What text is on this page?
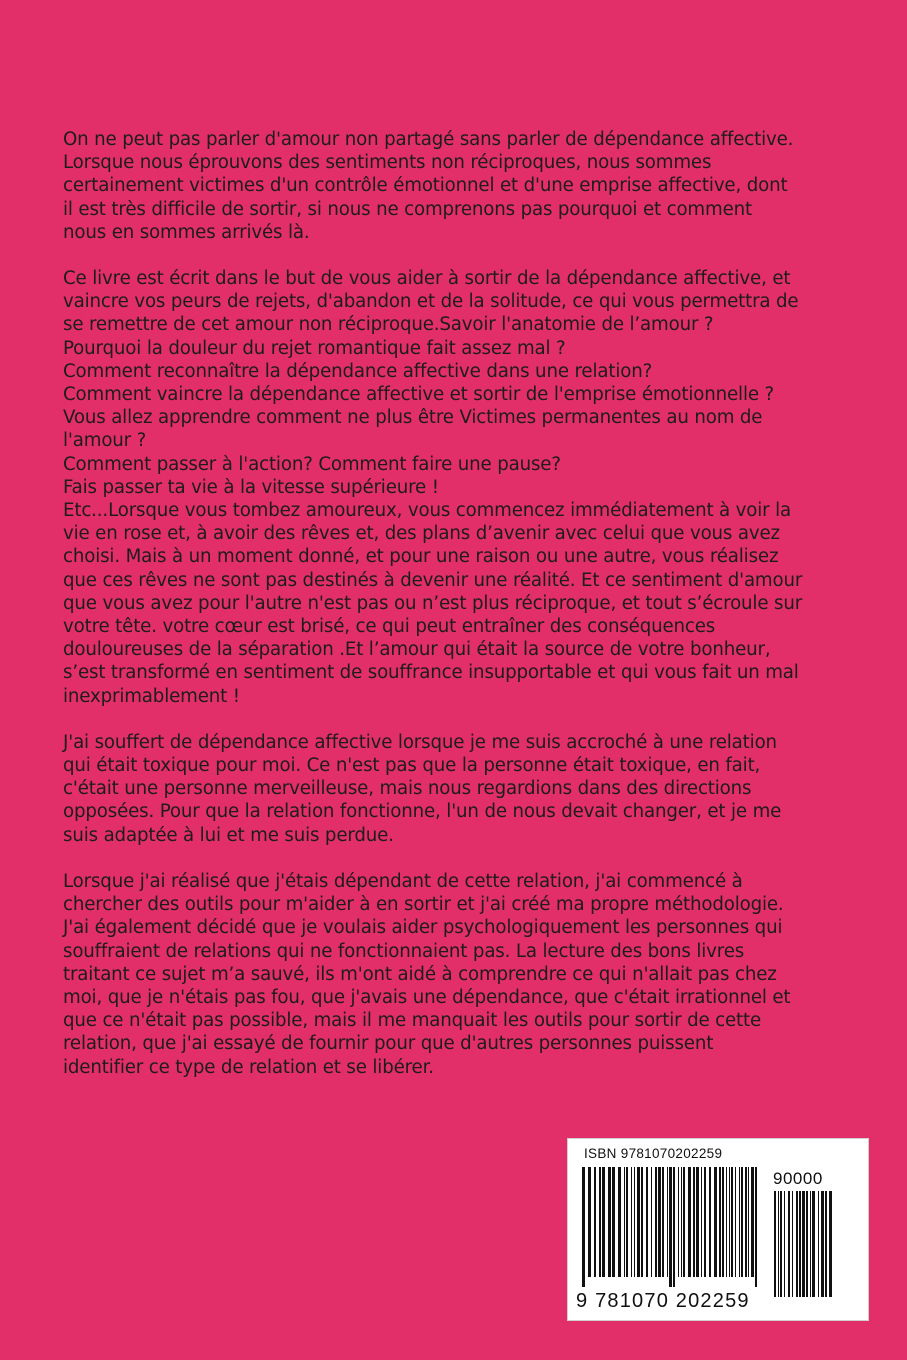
On ne peut pas parler d'amour non partagé sans parler de dépendance affective.
Lorsque nous éprouvons des sentiments non réciproques, nous sommes
certainement victimes d'un contrôle émotionnel et d'une emprise affective, dont
il est très difficile de sortir, si nous ne comprenons pas pourquoi et comment
nous en sommes arrivés là.
Ce livre est écrit dans le but de vous aider à sortir de la dépendance affective, et
vaincre vos peurs de rejets, d'abandon et de la solitude, ce qui vous permettra de
se remettre de cet amour non réciproque.Savoir l'anatomie de l’amour ?
Pourquoi la douleur du rejet romantique fait assez mal ?
Comment reconnaître la dépendance affective dans une relation?
Comment vaincre la dépendance affective et sortir de l'emprise émotionnelle ?
Vous allez apprendre comment ne plus être Victimes permanentes au nom de
l'amour ?
Comment passer à l'action? Comment faire une pause?
Fais passer ta vie à la vitesse supérieure !
Etc...Lorsque vous tombez amoureux, vous commencez immédiatement à voir la
vie en rose et, à avoir des rêves et, des plans d’avenir avec celui que vous avez
choisi. Mais à un moment donné, et pour une raison ou une autre, vous réalisez
que ces rêves ne sont pas destinés à devenir une réalité. Et ce sentiment d'amour
que vous avez pour l'autre n'est pas ou n’est plus réciproque, et tout s’écroule sur
votre tête. votre cœur est brisé, ce qui peut entraîner des conséquences
douloureuses de la séparation .Et l’amour qui était la source de votre bonheur,
s’est transformé en sentiment de souffrance insupportable et qui vous fait un mal
inexprimablement !
J'ai souffert de dépendance affective lorsque je me suis accroché à une relation
qui était toxique pour moi. Ce n'est pas que la personne était toxique, en fait,
c'était une personne merveilleuse, mais nous regardions dans des directions
opposées. Pour que la relation fonctionne, l'un de nous devait changer, et je me
suis adaptée à lui et me suis perdue.
Lorsque j'ai réalisé que j'étais dépendant de cette relation, j'ai commencé à
chercher des outils pour m'aider à en sortir et j'ai créé ma propre méthodologie.
J'ai également décidé que je voulais aider psychologiquement les personnes qui
souffraient de relations qui ne fonctionnaient pas. La lecture des bons livres
traitant ce sujet m’a sauvé, ils m'ont aidé à comprendre ce qui n'allait pas chez
moi, que je n'étais pas fou, que j'avais une dépendance, que c'était irrationnel et
que ce n'était pas possible, mais il me manquait les outils pour sortir de cette
relation, que j'ai essayé de fournir pour que d'autres personnes puissent
identifier ce type de relation et se libérer.
ISBN 9781070202259
90000
9 781070 202259
